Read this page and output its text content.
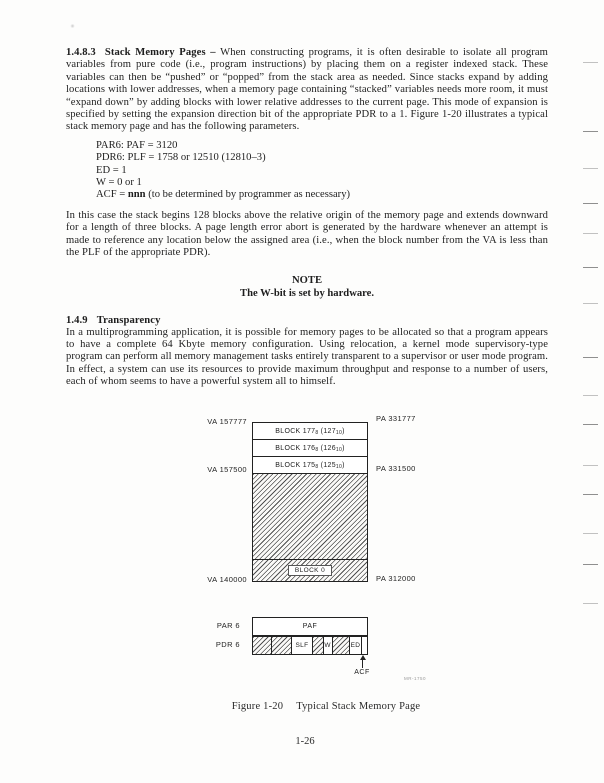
1.4.8.3 Stack Memory Pages – When constructing programs, it is often desirable to isolate all program variables from pure code (i.e., program instructions) by placing them on a register indexed stack. These variables can then be “pushed” or “popped” from the stack area as needed. Since stacks expand by adding locations with lower addresses, when a memory page containing “stacked” variables needs more room, it must “expand down” by adding blocks with lower relative addresses to the current page. This mode of expansion is specified by setting the expansion direction bit of the appropriate PDR to a 1. Figure 1-20 illustrates a typical stack memory page and has the following parameters.

PAR6: PAF = 3120
PDR6: PLF = 1758 or 12510 (12810–3)
ED = 1
W = 0 or 1
ACF = nnn (to be determined by programmer as necessary)

In this case the stack begins 128 blocks above the relative origin of the memory page and extends downward for a length of three blocks. A page length error abort is generated by the hardware whenever an attempt is made to reference any location below the assigned area (i.e., when the block number from the VA is less than the PLF of the appropriate PDR).

NOTE
The W-bit is set by hardware.

1.4.9 Transparency

In a multiprogramming application, it is possible for memory pages to be allocated so that a program appears to have a complete 64 Kbyte memory configuration. Using relocation, a kernel mode supervisory-type program can perform all memory management tasks entirely transparent to a supervisor or user mode program. In effect, a system can use its resources to provide maximum throughput and response to a number of users, each of whom seems to have a powerful system all to himself.

VA 157777	PA 331777
VA 157500	PA 331500
VA 140000	PA 312000
BLOCK 177 8 (127 10 )
BLOCK 176 8 (126 10 )
BLOCK 175 8 (125 10 )
BLOCK 0
PAR 6
PDR 6
PAF
SLF	W	ED
ACF
MR-1750
Figure 1-20 Typical Stack Memory Page
1-26
